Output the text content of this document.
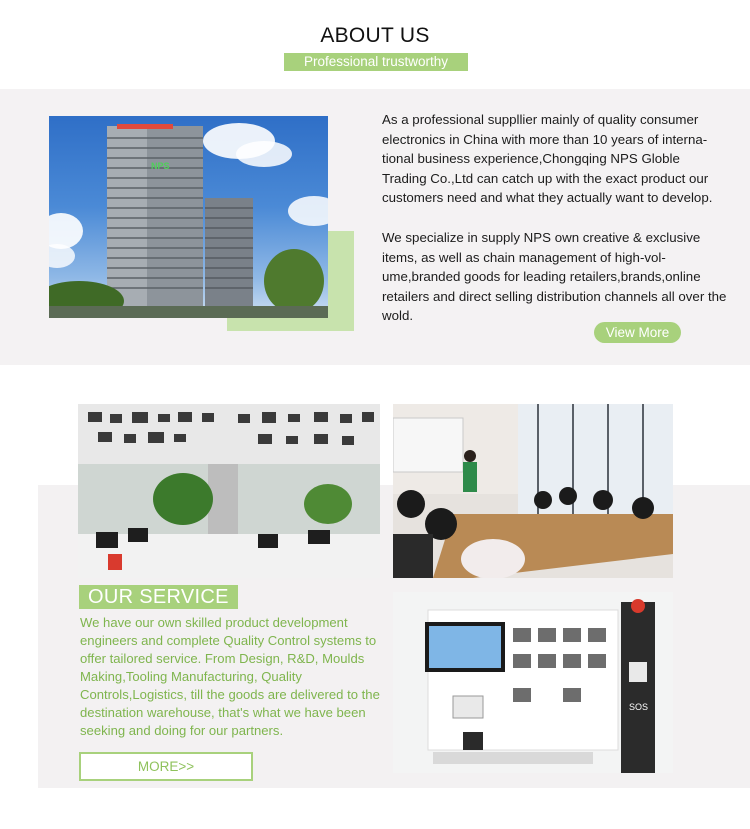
ABOUT US
Professional trustworthy
NPS
As a professional suppllier mainly of quality consumer electronics in China with more than 10 years of interna- tional business experience,Chongqing NPS Globle Trading Co.,Ltd can catch up with the exact product our customers need and what they actually want to develop.
We specialize in supply NPS own creative & exclusive items, as well as chain management of high-vol- ume,branded goods for leading retailers,brands,online retailers and direct selling distribution channels all over the wold.
View More
SOS
OUR SERVICE
We have our own skilled product development engineers and complete Quality Control systems to offer tailored service. From Design, R&D, Moulds Making,Tooling Manufacturing, Quality Controls,Logistics, till the goods are delivered to the destination warehouse, that's what we have been seeking and doing for our partners.
MORE>>
